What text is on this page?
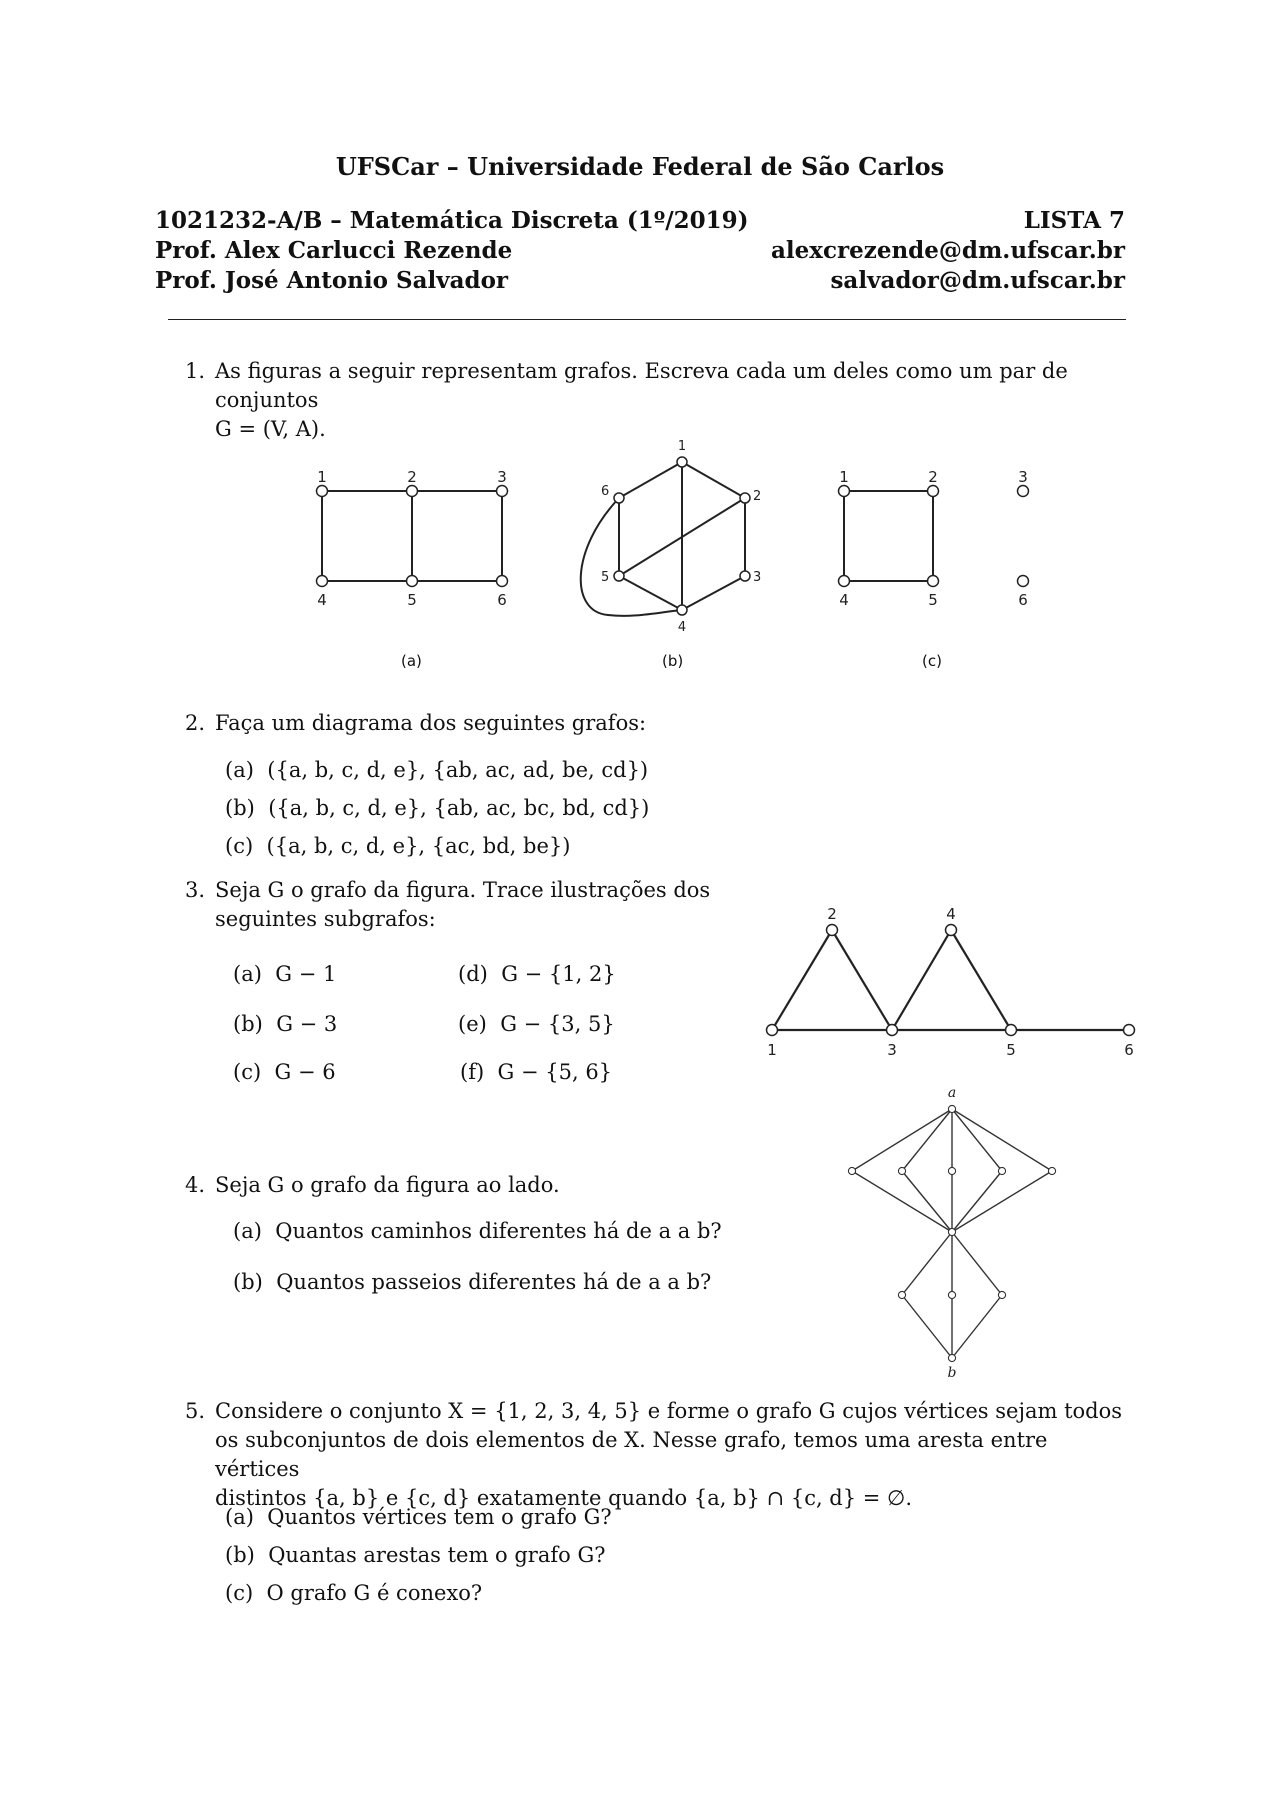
UFSCar – Universidade Federal de São Carlos
1021232-A/B – Matemática Discreta (1º/2019)
Prof. Alex Carlucci Rezende
Prof. José Antonio Salvador
LISTA 7
alexcrezende@dm.ufscar.br
salvador@dm.ufscar.br
1. As figuras a seguir representam grafos. Escreva cada um deles como um par de conjuntos
G = (V, A).
1	2	3
4	5	6
1
2
3
4
5
6
1	2	3
4	5	6
(a)	(b)	(c)
2. Faça um diagrama dos seguintes grafos:
(a) ({a, b, c, d, e}, {ab, ac, ad, be, cd})
(b) ({a, b, c, d, e}, {ab, ac, bc, bd, cd})
(c) ({a, b, c, d, e}, {ac, bd, be})
3. Seja G o grafo da figura. Trace ilustrações dos
seguintes subgrafos:
(a) G − 1
(b) G − 3
(c) G − 6
(d) G − {1, 2}
(e) G − {3, 5}
(f) G − {5, 6}
1
2
3
4
5	6
4. Seja G o grafo da figura ao lado.
(a) Quantos caminhos diferentes há de a a b?
(b) Quantos passeios diferentes há de a a b?
a
b
5. Considere o conjunto X = {1, 2, 3, 4, 5} e forme o grafo G cujos vértices sejam todos
os subconjuntos de dois elementos de X. Nesse grafo, temos uma aresta entre vértices
distintos {a, b} e {c, d} exatamente quando {a, b} ∩ {c, d} = ∅.
(a) Quantos vértices tem o grafo G?
(b) Quantas arestas tem o grafo G?
(c) O grafo G é conexo?
